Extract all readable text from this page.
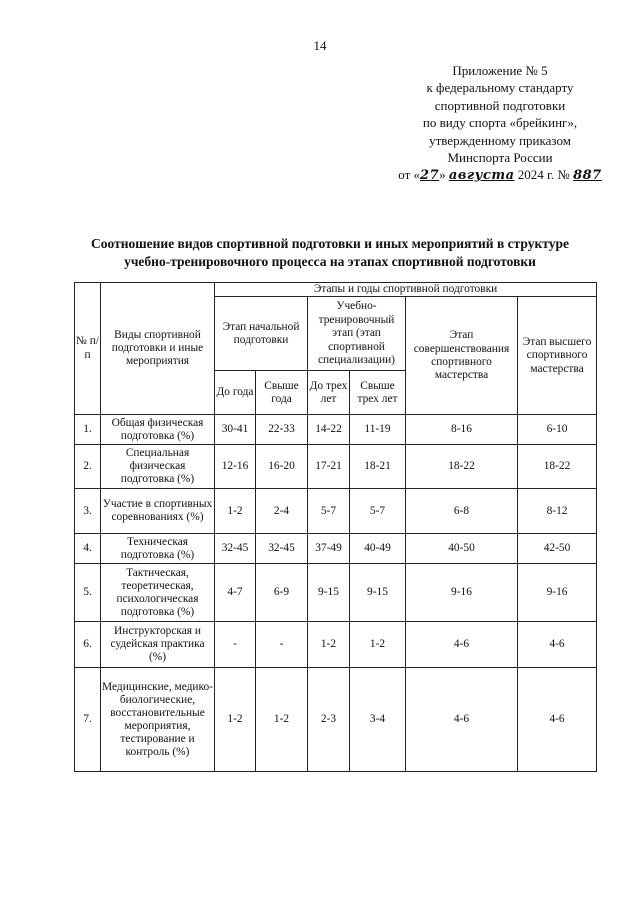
14
Приложение № 5
к федеральному стандарту
спортивной подготовки
по виду спорта «брейкинг»,
утвержденному приказом
Минспорта России
от «27» августа 2024 г. № 887
Соотношение видов спортивной подготовки и иных мероприятий в структуре
учебно-тренировочного процесса на этапах спортивной подготовки
№ п/п	Виды спортивной подготовки и иные мероприятия	Этапы и годы спортивной подготовки					
		Этап начальной подготовки		Учебно-тренировочный этап (этап спортивной специализации)		Этап совершенствования спортивного мастерства	Этап высшего спортивного мастерства
		До года	Свыше года	До трех лет	Свыше трех лет		
1.	Общая физическая подготовка (%)	30-41	22-33	14-22	11-19	8-16	6-10
2.	Специальная физическая подготовка (%)	12-16	16-20	17-21	18-21	18-22	18-22
3.	Участие в спортивных соревнованиях (%)	1-2	2-4	5-7	5-7	6-8	8-12
4.	Техническая подготовка (%)	32-45	32-45	37-49	40-49	40-50	42-50
5.	Тактическая, теоретическая, психологическая подготовка (%)	4-7	6-9	9-15	9-15	9-16	9-16
6.	Инструкторская и судейская практика (%)	-	-	1-2	1-2	4-6	4-6
7.	Медицинские, медико-биологические, восстановительные мероприятия, тестирование и контроль (%)	1-2	1-2	2-3	3-4	4-6	4-6
